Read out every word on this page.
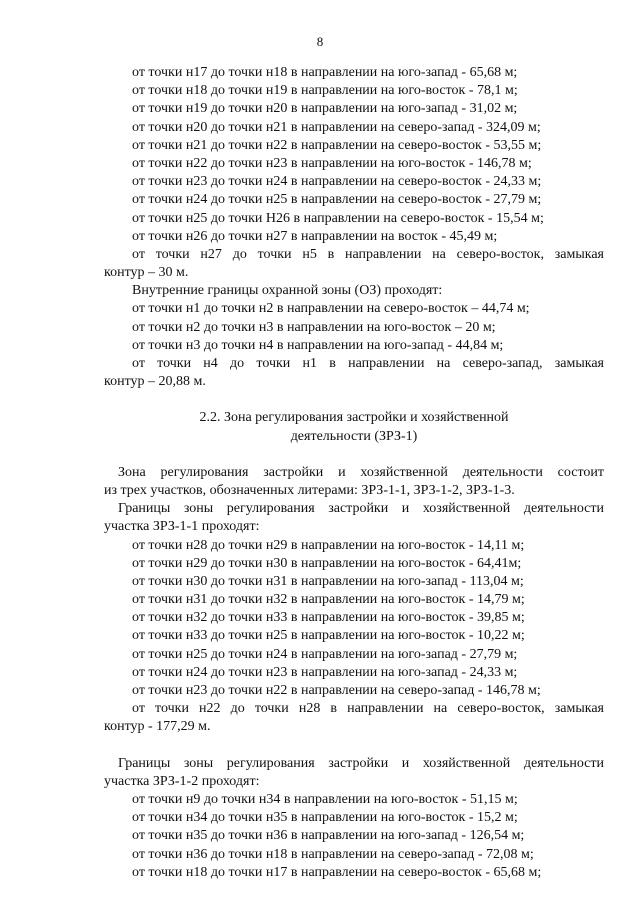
8
от точки н17 до точки н18 в направлении на юго-запад - 65,68 м;
от точки н18 до точки н19 в направлении на юго-восток - 78,1 м;
от точки н19 до точки н20 в направлении на юго-запад - 31,02 м;
от точки н20 до точки н21 в направлении на северо-запад - 324,09 м;
от точки н21 до точки н22 в направлении на северо-восток - 53,55 м;
от точки н22 до точки н23 в направлении на юго-восток - 146,78 м;
от точки н23 до точки н24 в направлении на северо-восток - 24,33 м;
от точки н24 до точки н25 в направлении на северо-восток - 27,79 м;
от точки н25 до точки Н26 в направлении на северо-восток - 15,54 м;
от точки н26 до точки н27 в направлении на восток - 45,49 м;
от точки н27 до точки н5 в направлении на северо-восток, замыкая
контур – 30 м.
Внутренние границы охранной зоны (ОЗ) проходят:
от точки н1 до точки н2 в направлении на северо-восток – 44,74 м;
от точки н2 до точки н3 в направлении на юго-восток – 20 м;
от точки н3 до точки н4 в направлении на юго-запад - 44,84 м;
от точки н4 до точки н1 в направлении на северо-запад, замыкая
контур – 20,88 м.
2.2. Зона регулирования застройки и хозяйственной
деятельности (ЗРЗ-1)
Зона регулирования застройки и хозяйственной деятельности состоит
из трех участков, обозначенных литерами: ЗРЗ-1-1, ЗРЗ-1-2, ЗРЗ-1-3.
Границы зоны регулирования застройки и хозяйственной деятельности
участка ЗРЗ-1-1 проходят:
от точки н28 до точки н29 в направлении на юго-восток - 14,11 м;
от точки н29 до точки н30 в направлении на юго-восток - 64,41м;
от точки н30 до точки н31 в направлении на юго-запад - 113,04 м;
от точки н31 до точки н32 в направлении на юго-восток - 14,79 м;
от точки н32 до точки н33 в направлении на юго-восток - 39,85 м;
от точки н33 до точки н25 в направлении на юго-восток - 10,22 м;
от точки н25 до точки н24 в направлении на юго-запад - 27,79 м;
от точки н24 до точки н23 в направлении на юго-запад - 24,33 м;
от точки н23 до точки н22 в направлении на северо-запад - 146,78 м;
от точки н22 до точки н28 в направлении на северо-восток, замыкая
контур - 177,29 м.
Границы зоны регулирования застройки и хозяйственной деятельности
участка ЗРЗ-1-2 проходят:
от точки н9 до точки н34 в направлении на юго-восток - 51,15 м;
от точки н34 до точки н35 в направлении на юго-восток - 15,2 м;
от точки н35 до точки н36 в направлении на юго-запад - 126,54 м;
от точки н36 до точки н18 в направлении на северо-запад - 72,08 м;
от точки н18 до точки н17 в направлении на северо-восток - 65,68 м;
